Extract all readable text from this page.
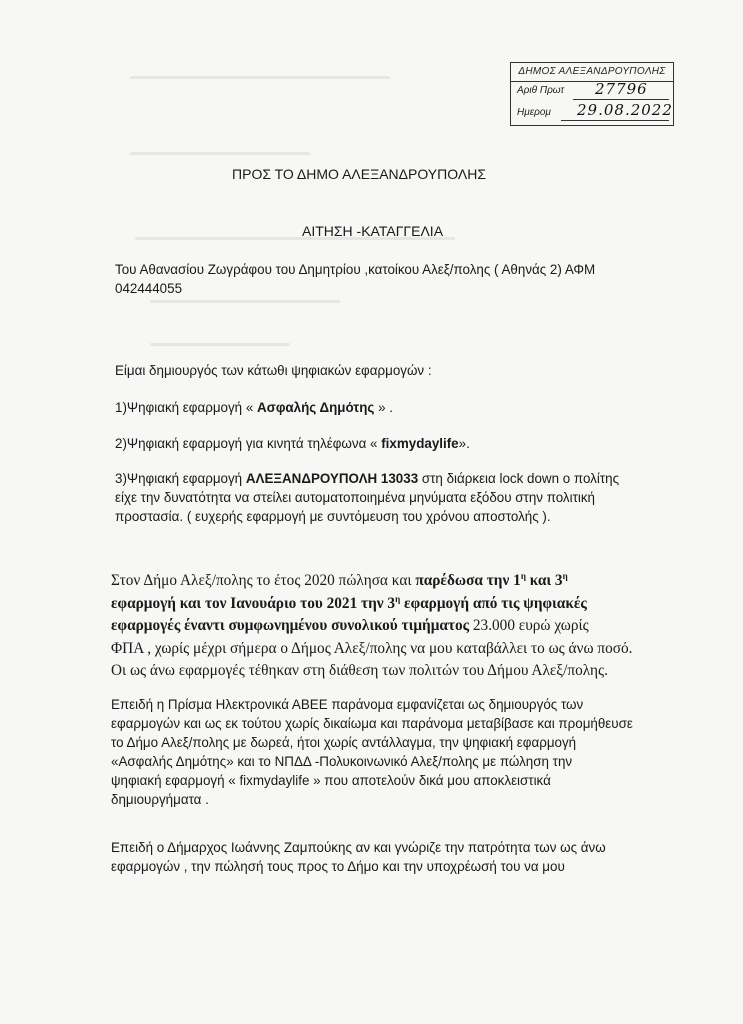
ΔΗΜΟΣ ΑΛΕΞΑΝΔΡΟΥΠΟΛΗΣ
Αριθ Πρωτ 27796
Ημερομ 29.08.2022
ΠΡΟΣ ΤΟ ΔΗΜΟ ΑΛΕΞΑΝΔΡΟΥΠΟΛΗΣ
ΑΙΤΗΣΗ -ΚΑΤΑΓΓΕΛΙΑ
Του Αθανασίου Ζωγράφου του Δημητρίου ,κατοίκου Αλεξ/πολης ( Αθηνάς 2) ΑΦΜ
042444055
Είμαι δημιουργός των κάτωθι ψηφιακών εφαρμογών :
1)Ψηφιακή εφαρμογή « Ασφαλής Δημότης » .
2)Ψηφιακή εφαρμογή για κινητά τηλέφωνα « fixmydaylife».
3)Ψηφιακή εφαρμογή ΑΛΕΞΑΝΔΡΟΥΠΟΛΗ 13033 στη διάρκεια lock down ο πολίτης
είχε την δυνατότητα να στείλει αυτοματοποιημένα μηνύματα εξόδου στην πολιτική
προστασία. ( ευχερής εφαρμογή με συντόμευση του χρόνου αποστολής ).
Στον Δήμο Αλεξ/πολης το έτος 2020 πώλησα και παρέδωσα την $1^\eta$ και $3^\eta$
εφαρμογή και τον Ιανουάριο του 2021 την $3^\eta$ εφαρμογή από τις ψηφιακές
εφαρμογές έναντι συμφωνημένου συνολικού τιμήματος 23.000 ευρώ χωρίς
ΦΠΑ , χωρίς μέχρι σήμερα ο Δήμος Αλεξ/πολης να μου καταβάλλει το ως άνω ποσό.
Οι ως άνω εφαρμογές τέθηκαν στη διάθεση των πολιτών του Δήμου Αλεξ/πολης.
Επειδή η Πρίσμα Ηλεκτρονικά ΑΒΕΕ παράνομα εμφανίζεται ως δημιουργός των
εφαρμογών και ως εκ τούτου χωρίς δικαίωμα και παράνομα μεταβίβασε και προμήθευσε
το Δήμο Αλεξ/πολης με δωρεά, ήτοι χωρίς αντάλλαγμα, την ψηφιακή εφαρμογή
«Ασφαλής Δημότης» και το ΝΠΔΔ -Πολυκοινωνικό Αλεξ/πολης με πώληση την
ψηφιακή εφαρμογή « fixmydaylife » που αποτελούν δικά μου αποκλειστικά
δημιουργήματα .
Επειδή ο Δήμαρχος Ιωάννης Ζαμπούκης αν και γνώριζε την πατρότητα των ως άνω
εφαρμογών , την πώλησή τους προς το Δήμο και την υποχρέωσή του να μου
